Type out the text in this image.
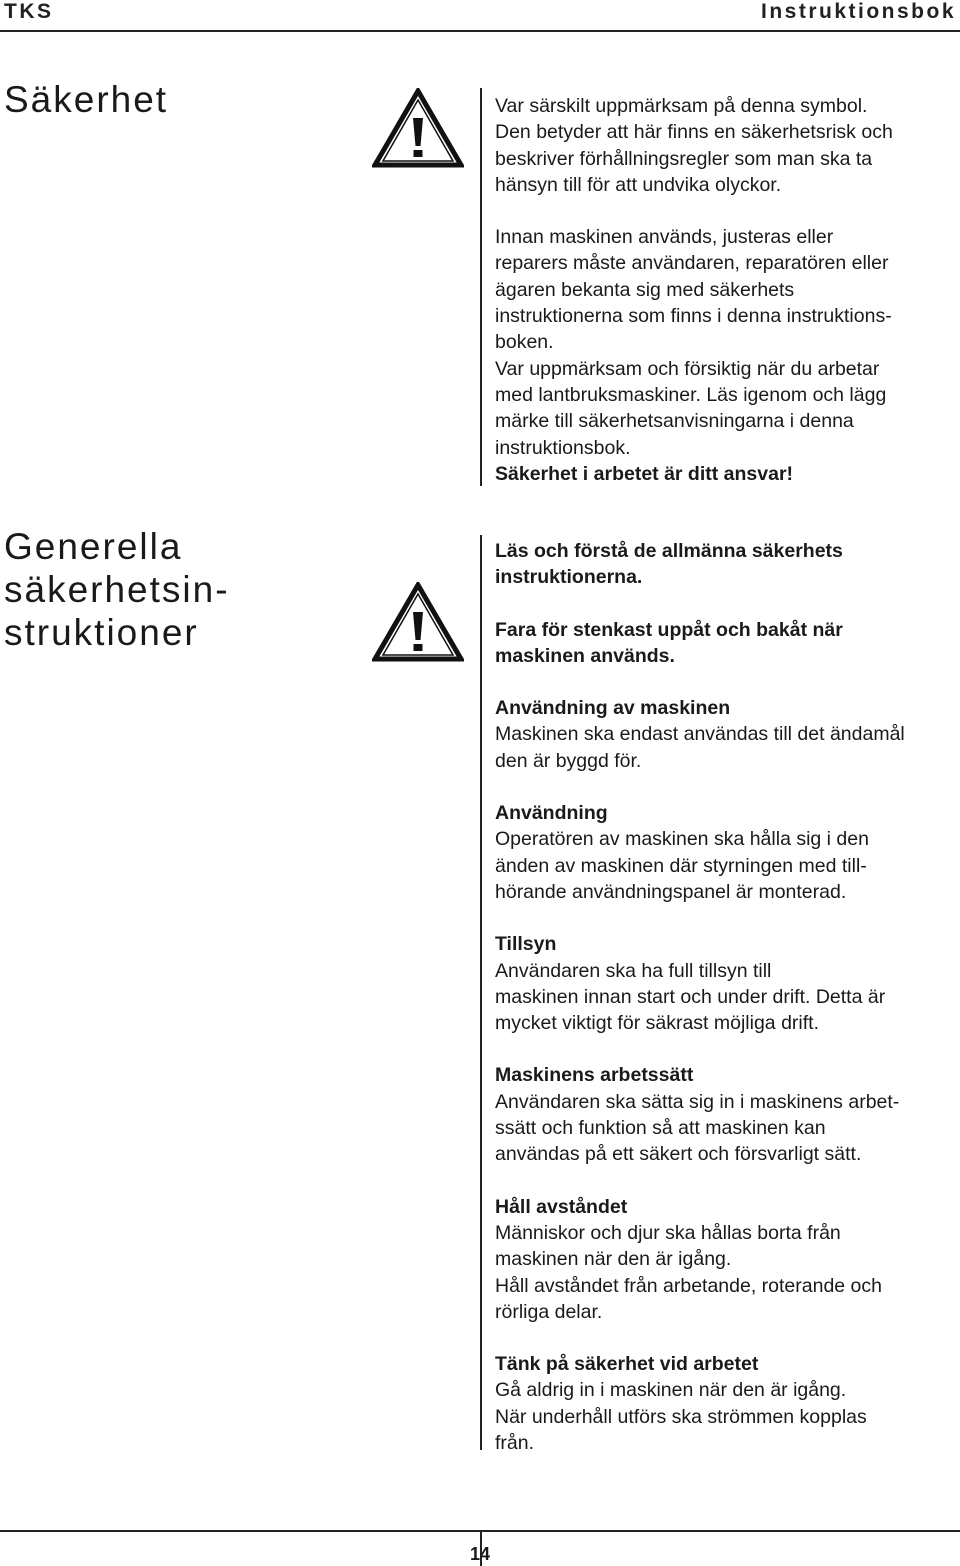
TKS	Instruktionsbok
Säkerhet	Var särskilt uppmärksam på denna symbol.

Den betyder att här finns en säkerhetsrisk och

beskriver förhållningsregler som man ska ta

hänsyn till för att undvika olyckor.

Innan maskinen används, justeras eller

reparers måste användaren, reparatören eller

ägaren bekanta sig med säkerhets

instruktionerna som finns i denna instruktions-

boken.

Var uppmärksam och försiktig när du arbetar

med lantbruksmaskiner. Läs igenom och lägg

märke till säkerhetsanvisningarna i denna

instruktionsbok.

Säkerhet i arbetet är ditt ansvar!

Generella
säkerhetsin-
struktioner

Läs och förstå de allmänna säkerhets

instruktionerna.

Fara för stenkast uppåt och bakåt när

maskinen används.

Användning av maskinen

Maskinen ska endast användas till det ändamål

den är byggd för.

Användning

Operatören av maskinen ska hålla sig i den

änden av maskinen där styrningen med till-

hörande användningspanel är monterad.

Tillsyn

Användaren ska ha full tillsyn till

maskinen innan start och under drift. Detta är

mycket viktigt för säkrast möjliga drift.

Maskinens arbetssätt

Användaren ska sätta sig in i maskinens arbet-

ssätt och funktion så att maskinen kan

användas på ett säkert och försvarligt sätt.

Håll avståndet

Människor och djur ska hållas borta från

maskinen när den är igång.

Håll avståndet från arbetande, roterande och

rörliga delar.

Tänk på säkerhet vid arbetet

Gå aldrig in i maskinen när den är igång.

När underhåll utförs ska strömmen kopplas

från.

14
